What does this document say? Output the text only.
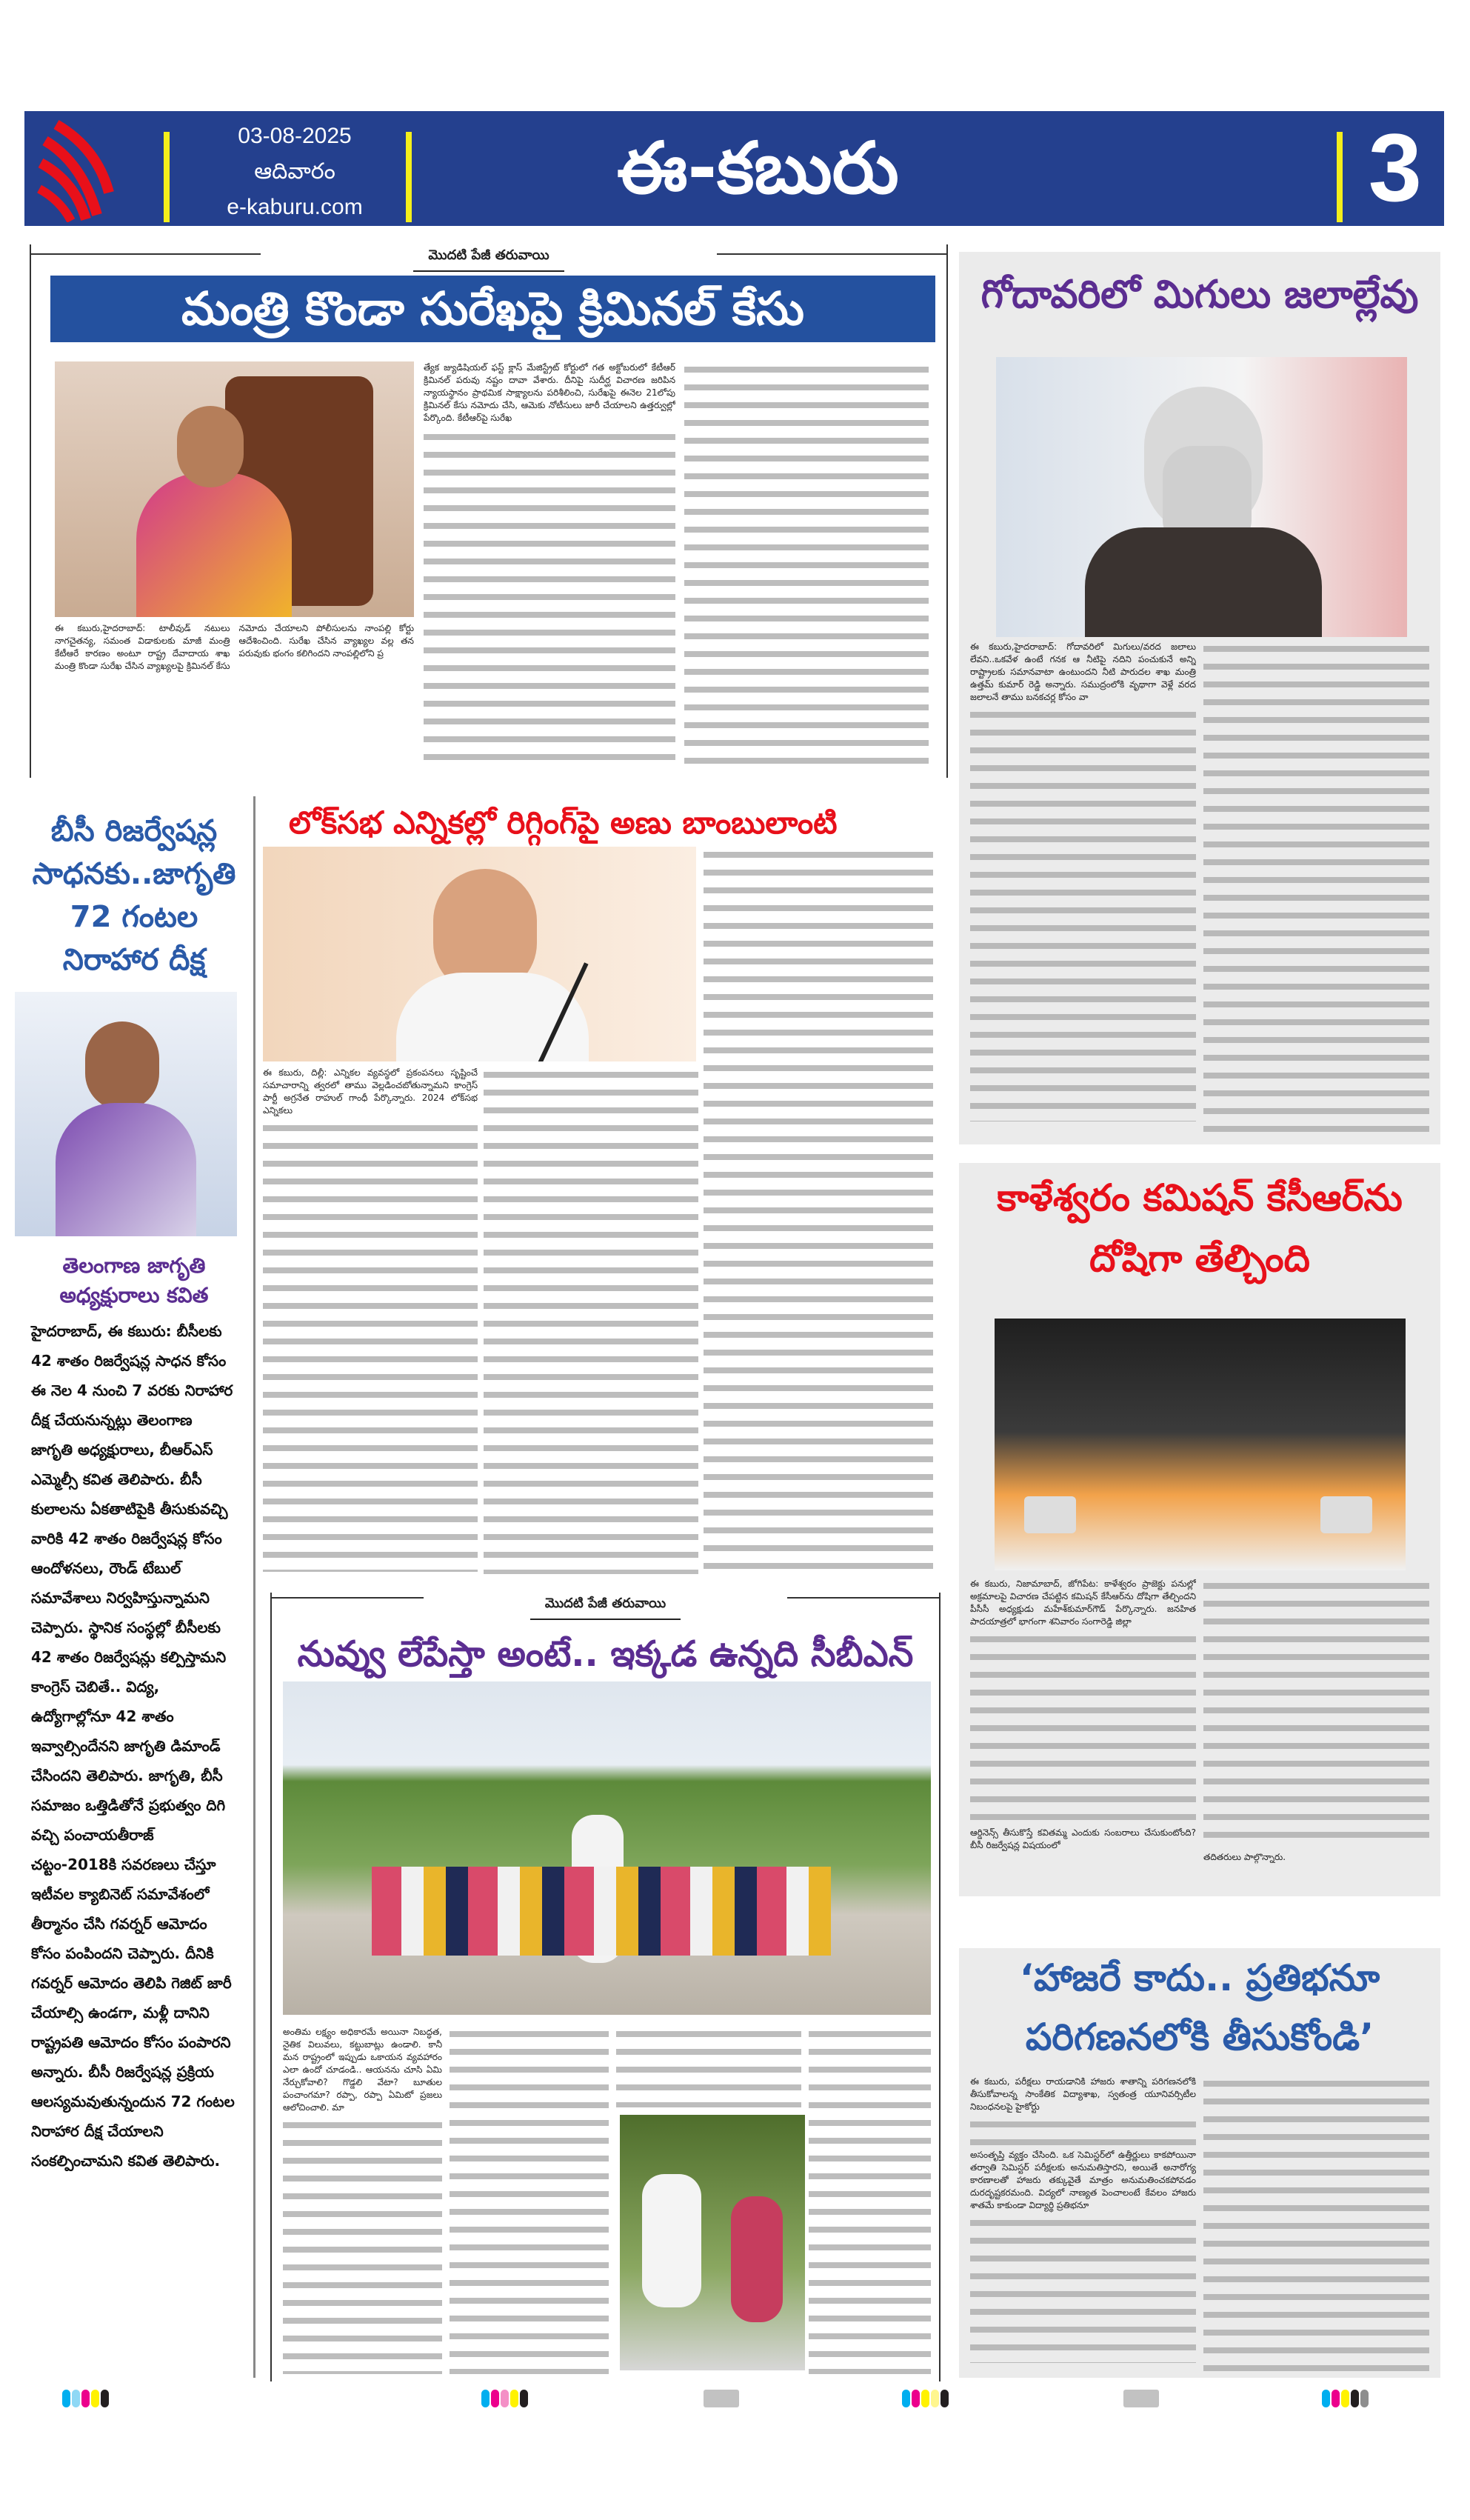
03-08-2025
ఆదివారం
e-kaburu.com	ఈ-కబురు	3
మొదటి పేజీ తరువాయి
మంత్రి కొండా సురేఖపై క్రిమినల్ కేసు
ఈ కబురు,హైదరాబాద్: టాలీవుడ్ నటులు నాగచైతన్య, సమంత విడాకులకు మాజీ మంత్రి కేటీఆరే కారణం అంటూ రాష్ట్ర దేవాదాయ శాఖ మంత్రి కొండా సురేఖ చేసిన వ్యాఖ్యలపై క్రిమినల్ కేసు నమోదు చేయాలని పోలీసులను నాంపల్లి కోర్టు ఆదేశించింది. సురేఖ చేసిన వ్యాఖ్యల వల్ల తన పరువుకు భంగం కలిగిందని నాంపల్లిలోని ప్ర
త్యేక జ్యుడిషియల్ ఫస్ట్ క్లాస్ మేజిస్ట్రేట్ కోర్టులో గత అక్టోబరులో కేటీఆర్ క్రిమినల్ పరువు నష్టం దావా వేశారు. దీనిపై సుదీర్ఘ విచారణ జరిపిన న్యాయస్థానం ప్రాథమిక సాక్ష్యాలను పరిశీలించి, సురేఖపై ఈనెల 21లోపు క్రిమినల్ కేసు నమోదు చేసి, ఆమెకు నోటీసులు జారీ చేయాలని ఉత్తర్వుల్లో పేర్కొంది. కేటీఆర్‌పై సురేఖ
గోదావరిలో మిగులు జలాల్లేవు
ఈ కబురు,హైదరాబాద్: గోదావరిలో మిగులు/వరద జలాలు లేవని..ఒకవేళ ఉంటే గనక ఆ నీటిపై నదిని పంచుకునే అన్ని రాష్ట్రాలకు సమానవాటా ఉంటుందని నీటి పారుదల శాఖ మంత్రి ఉత్తమ్ కుమార్ రెడ్డి అన్నారు. సముద్రంలోకి వృథాగా వెళ్లే వరద జలాలనే తాము బనకచర్ల కోసం వా
బీసీ రిజర్వేషన్ల సాధనకు..జాగృతి 72 గంటల నిరాహార దీక్ష
తెలంగాణ జాగృతి అధ్యక్షురాలు కవిత
హైదరాబాద్, ఈ కబురు: బీసీలకు 42 శాతం రిజర్వేషన్ల సాధన కోసం ఈ నెల 4 నుంచి 7 వరకు నిరాహార దీక్ష చేయనున్నట్లు తెలంగాణ జాగృతి అధ్యక్షురాలు, బీఆర్ఎస్ ఎమ్మెల్సీ కవిత తెలిపారు. బీసీ కులాలను ఏకతాటిపైకి తీసుకువచ్చి వారికి 42 శాతం రిజర్వేషన్ల కోసం ఆందోళనలు, రౌండ్ టేబుల్ సమావేశాలు నిర్వహిస్తున్నామని చెప్పారు. స్థానిక సంస్థల్లో బీసీలకు 42 శాతం రిజర్వేషన్లు కల్పిస్తామని కాంగ్రెస్ చెబితే.. విద్య, ఉద్యోగాల్లోనూ 42 శాతం ఇవ్వాల్సిందేనని జాగృతి డిమాండ్ చేసిందని తెలిపారు. జాగృతి, బీసీ సమాజం ఒత్తిడితోనే ప్రభుత్వం దిగి వచ్చి పంచాయతీరాజ్ చట్టం-2018కి సవరణలు చేస్తూ ఇటీవల క్యాబినెట్ సమావేశంలో తీర్మానం చేసి గవర్నర్ ఆమోదం కోసం పంపిందని చెప్పారు. దీనికి గవర్నర్ ఆమోదం తెలిపి గెజిట్ జారీ చేయాల్సి ఉండగా, మళ్లీ దానిని రాష్ట్రపతి ఆమోదం కోసం పంపారని అన్నారు. బీసీ రిజర్వేషన్ల ప్రక్రియ ఆలస్యమవుతున్నందున 72 గంటల నిరాహార దీక్ష చేయాలని సంకల్పించామని కవిత తెలిపారు.
లోక్‌సభ ఎన్నికల్లో రిగ్గింగ్‌పై అణు బాంబులాంటి
ఈ కబురు, దిల్లీ: ఎన్నికల వ్యవస్థలో ప్రకంపనలు సృష్టించే సమాచారాన్ని త్వరలో తాము వెల్లడించబోతున్నామని కాంగ్రెస్ పార్టీ అగ్రనేత రాహుల్ గాంధీ పేర్కొన్నారు. 2024 లోక్‌సభ ఎన్నికలు
కాళేశ్వరం కమిషన్ కేసీఆర్‌ను దోషిగా తేల్చింది
ఈ కబురు, నిజామాబాద్, జోగిపేట: కాళేశ్వరం ప్రాజెక్టు పనుల్లో అక్రమాలపై విచారణ చేపట్టిన కమిషన్ కేసీఆర్‌ను దోషిగా తేల్చిందని పీసీసీ అధ్యక్షుడు మహేశ్‌కుమార్‌గౌడ్ పేర్కొన్నారు. జనహిత పాదయాత్రలో భాగంగా శనివారం సంగారెడ్డి జిల్లా
ఆర్డినెన్స్ తీసుకొస్తే కవితమ్మ ఎందుకు సంబరాలు చేసుకుంటోంది? బీసీ రిజర్వేషన్ల విషయంలో
తదితరులు పాల్గొన్నారు.
మొదటి పేజీ తరువాయి
నువ్వు లేపేస్తా అంటే.. ఇక్కడ ఉన్నది సీబీఎన్
అంతిమ లక్ష్యం అధికారమే అయినా నిబద్ధత, నైతిక విలువలు, కట్టుబాట్లు ఉండాలి. కానీ మన రాష్ట్రంలో ఇప్పుడు ఒకాయన వ్యవహారం ఎలా ఉందో చూడండి.. ఆయనను చూసి ఏమి నేర్చుకోవాలి? గొడ్డలి వేటా? బూతుల పంచాంగమా? రప్పా, రప్పా ఏమిటో ప్రజలు ఆలోచించాలి. మా
‘హాజరే కాదు.. ప్రతిభనూ పరిగణనలోకి తీసుకోండి’
ఈ కబురు, పరీక్షలు రాయడానికి హాజరు శాతాన్ని పరిగణనలోకి తీసుకోవాలన్న సాంకేతిక విద్యాశాఖ, స్వతంత్ర యూనివర్సిటీల నిబంధనలపై హైకోర్టు
అసంతృప్తి వ్యక్తం చేసింది. ఒక సెమిస్టర్‌లో ఉత్తీర్ణులు కాకపోయినా తర్వాతి సెమిస్టర్ పరీక్షలకు అనుమతిస్తారని, అయితే అనారోగ్య కారణాలతో హాజరు తక్కువైతే మాత్రం అనుమతించకపోవడం దురదృష్టకరమంది. విద్యలో నాణ్యత పెంచాలంటే కేవలం హాజరు శాతమే కాకుండా విద్యార్థి ప్రతిభనూ
